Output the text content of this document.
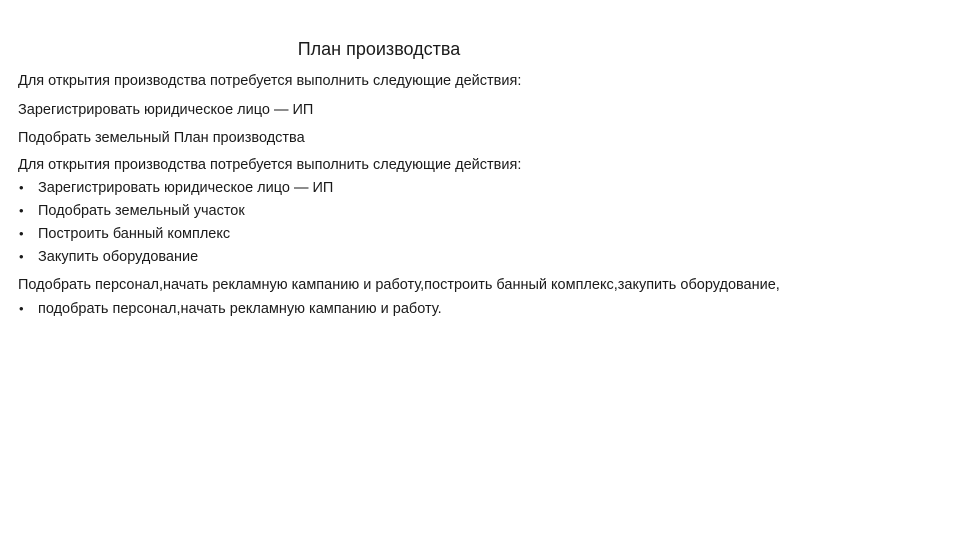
План производства

Для открытия производства потребуется выполнить следующие действия:

Зарегистрировать юридическое лицо — ИП

Подобрать земельный План производства

Для открытия производства потребуется выполнить следующие действия:

• Зарегистрировать юридическое лицо — ИП
• Подобрать земельный участок
• Построить банный комплекс
• Закупить оборудование

Подобрать персонал,начать рекламную кампанию и работу,построить банный комплекс,закупить оборудование,

• подобрать персонал,начать рекламную кампанию и работу.
